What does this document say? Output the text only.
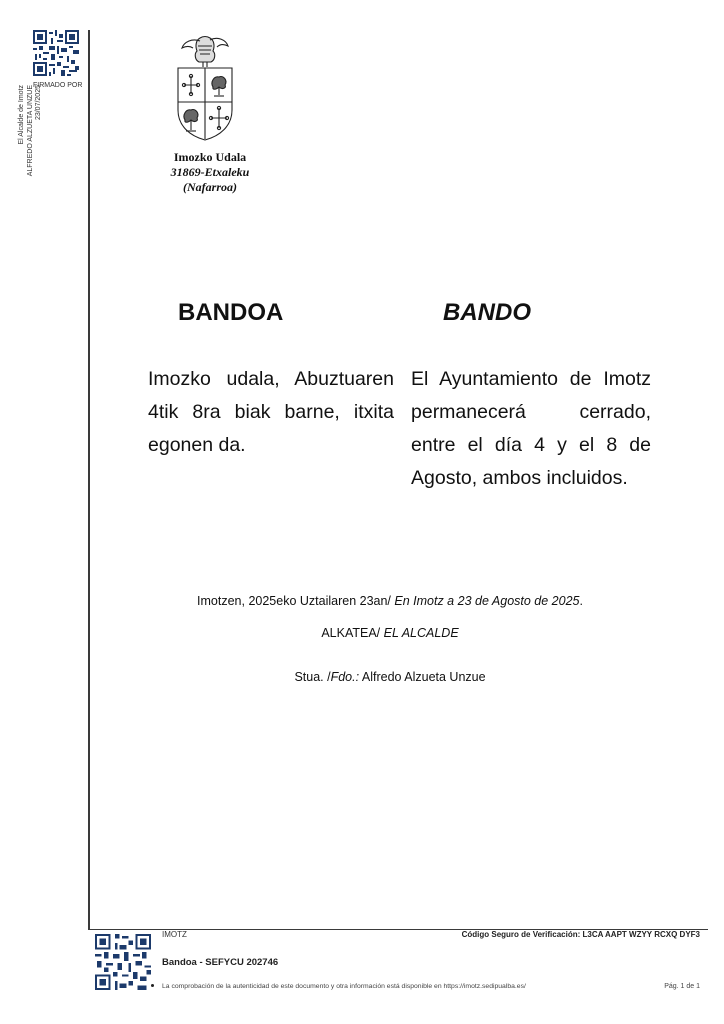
FIRMADO POR
El Alcalde de Imotz ALFREDO ALZUETA UNZUE 23/07/2025
Imozko Udala
31869-Etxaleku
(Nafarroa)
BANDOA	BANDO
Imozko udala, Abuztuaren 4tik 8ra biak barne, itxita egonen da.
El Ayuntamiento de Imotz permanecerá cerrado, entre el día 4 y el 8 de Agosto, ambos incluidos.
Imotzen, 2025eko Uztailaren 23an/ En Imotz a 23 de Agosto de 2025.
ALKATEA/ EL ALCALDE
Stua. /Fdo.: Alfredo Alzueta Unzue
IMOTZ	Código Seguro de Verificación: L3CA AAPT WZYY RCXQ DYF3
Bandoa - SEFYCU 202746
La comprobación de la autenticidad de este documento y otra información está disponible en https://imotz.sedipualba.es/	Pág. 1 de 1
